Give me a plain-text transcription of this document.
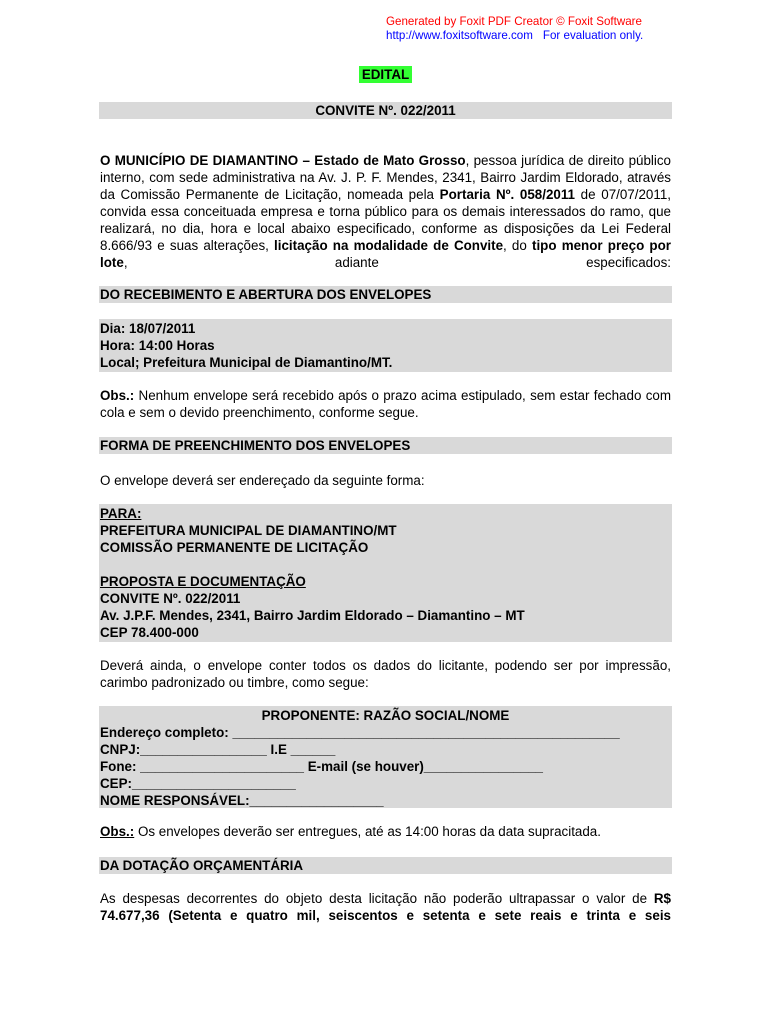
Generated by Foxit PDF Creator © Foxit Software
http://www.foxitsoftware.com For evaluation only.
EDITAL
CONVITE Nº. 022/2011
O MUNICÍPIO DE DIAMANTINO – Estado de Mato Grosso, pessoa jurídica de direito público interno, com sede administrativa na Av. J. P. F. Mendes, 2341, Bairro Jardim Eldorado, através da Comissão Permanente de Licitação, nomeada pela Portaria Nº. 058/2011 de 07/07/2011, convida essa conceituada empresa e torna público para os demais interessados do ramo, que realizará, no dia, hora e local abaixo especificado, conforme as disposições da Lei Federal 8.666/93 e suas alterações, licitação na modalidade de Convite, do tipo menor preço por lote, adiante especificados:
DO RECEBIMENTO E ABERTURA DOS ENVELOPES
Dia: 18/07/2011
Hora: 14:00 Horas
Local; Prefeitura Municipal de Diamantino/MT.
Obs.: Nenhum envelope será recebido após o prazo acima estipulado, sem estar fechado com cola e sem o devido preenchimento, conforme segue.
FORMA DE PREENCHIMENTO DOS ENVELOPES
O envelope deverá ser endereçado da seguinte forma:
PARA:
PREFEITURA MUNICIPAL DE DIAMANTINO/MT
COMISSÃO PERMANENTE DE LICITAÇÃO
PROPOSTA E DOCUMENTAÇÃO
CONVITE Nº. 022/2011
Av. J.P.F. Mendes, 2341, Bairro Jardim Eldorado – Diamantino – MT
CEP 78.400-000
Deverá ainda, o envelope conter todos os dados do licitante, podendo ser por impressão, carimbo padronizado ou timbre, como segue:
PROPONENTE: RAZÃO SOCIAL/NOME
Endereço completo: ____________________________________________________
CNPJ:_________________ I.E ______
Fone: ______________________ E-mail (se houver)________________
CEP:______________________
NOME RESPONSÁVEL:__________________
Obs.: Os envelopes deverão ser entregues, até as 14:00 horas da data supracitada.
DA DOTAÇÃO ORÇAMENTÁRIA
As despesas decorrentes do objeto desta licitação não poderão ultrapassar o valor de R$
74.677,36 (Setenta e quatro mil, seiscentos e setenta e sete reais e trinta e seis
